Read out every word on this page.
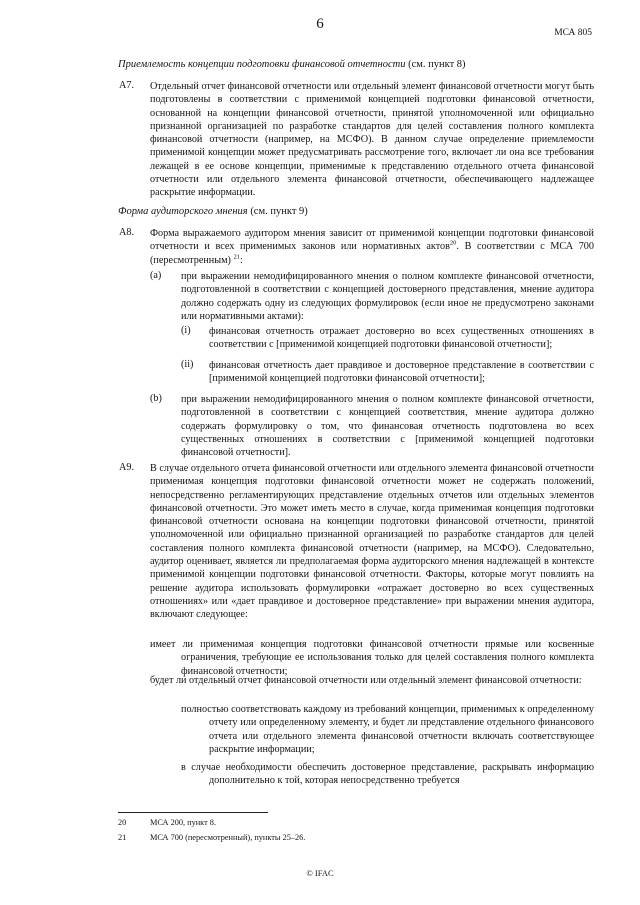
6
МСА 805
Приемлемость концепции подготовки финансовой отчетности (см. пункт 8)
A7. Отдельный отчет финансовой отчетности или отдельный элемент финансовой отчетности могут быть подготовлены в соответствии с применимой концепцией подготовки финансовой отчетности, основанной на концепции финансовой отчетности, принятой уполномоченной или официально признанной организацией по разработке стандартов для целей составления полного комплекта финансовой отчетности (например, на МСФО). В данном случае определение приемлемости применимой концепции может предусматривать рассмотрение того, включает ли она все требования лежащей в ее основе концепции, применимые к представлению отдельного отчета финансовой отчетности или отдельного элемента финансовой отчетности, обеспечивающего надлежащее раскрытие информации.
Форма аудиторского мнения (см. пункт 9)
A8. Форма выражаемого аудитором мнения зависит от применимой концепции подготовки финансовой отчетности и всех применимых законов или нормативных актов$^{20}$. В соответствии с МСА 700 (пересмотренным) $^{21}$:
(a) при выражении немодифицированного мнения о полном комплекте финансовой отчетности, подготовленной в соответствии с концепцией достоверного представления, мнение аудитора должно содержать одну из следующих формулировок (если иное не предусмотрено законами или нормативными актами):
(i) финансовая отчетность отражает достоверно во всех существенных отношениях в соответствии с [применимой концепцией подготовки финансовой отчетности];
(ii) финансовая отчетность дает правдивое и достоверное представление в соответствии с [применимой концепцией подготовки финансовой отчетности];
(b) при выражении немодифицированного мнения о полном комплекте финансовой отчетности, подготовленной в соответствии с концепцией соответствия, мнение аудитора должно содержать формулировку о том, что финансовая отчетность подготовлена во всех существенных отношениях в соответствии с [применимой концепцией подготовки финансовой отчетности].
A9. В случае отдельного отчета финансовой отчетности или отдельного элемента финансовой отчетности применимая концепция подготовки финансовой отчетности может не содержать положений, непосредственно регламентирующих представление отдельных отчетов или отдельных элементов финансовой отчетности. Это может иметь место в случае, когда применимая концепция подготовки финансовой отчетности основана на концепции подготовки финансовой отчетности, принятой уполномоченной или официально признанной организацией по разработке стандартов для целей составления полного комплекта финансовой отчетности (например, на МСФО). Следовательно, аудитор оценивает, является ли предполагаемая форма аудиторского мнения надлежащей в контексте применимой концепции подготовки финансовой отчетности. Факторы, которые могут повлиять на решение аудитора использовать формулировки «отражает достоверно во всех существенных отношениях» или «дает правдивое и достоверное представление» при выражении мнения аудитора, включают следующее:
имеет ли применимая концепция подготовки финансовой отчетности прямые или косвенные ограничения, требующие ее использования только для целей составления полного комплекта финансовой отчетности;
будет ли отдельный отчет финансовой отчетности или отдельный элемент финансовой отчетности:
полностью соответствовать каждому из требований концепции, применимых к определенному отчету или определенному элементу, и будет ли представление отдельного финансового отчета или отдельного элемента финансовой отчетности включать соответствующее раскрытие информации;
в случае необходимости обеспечить достоверное представление, раскрывать информацию дополнительно к той, которая непосредственно требуется
20	МСА 200, пункт 8.
21	МСА 700 (пересмотренный), пункты 25–26.
© IFAC
